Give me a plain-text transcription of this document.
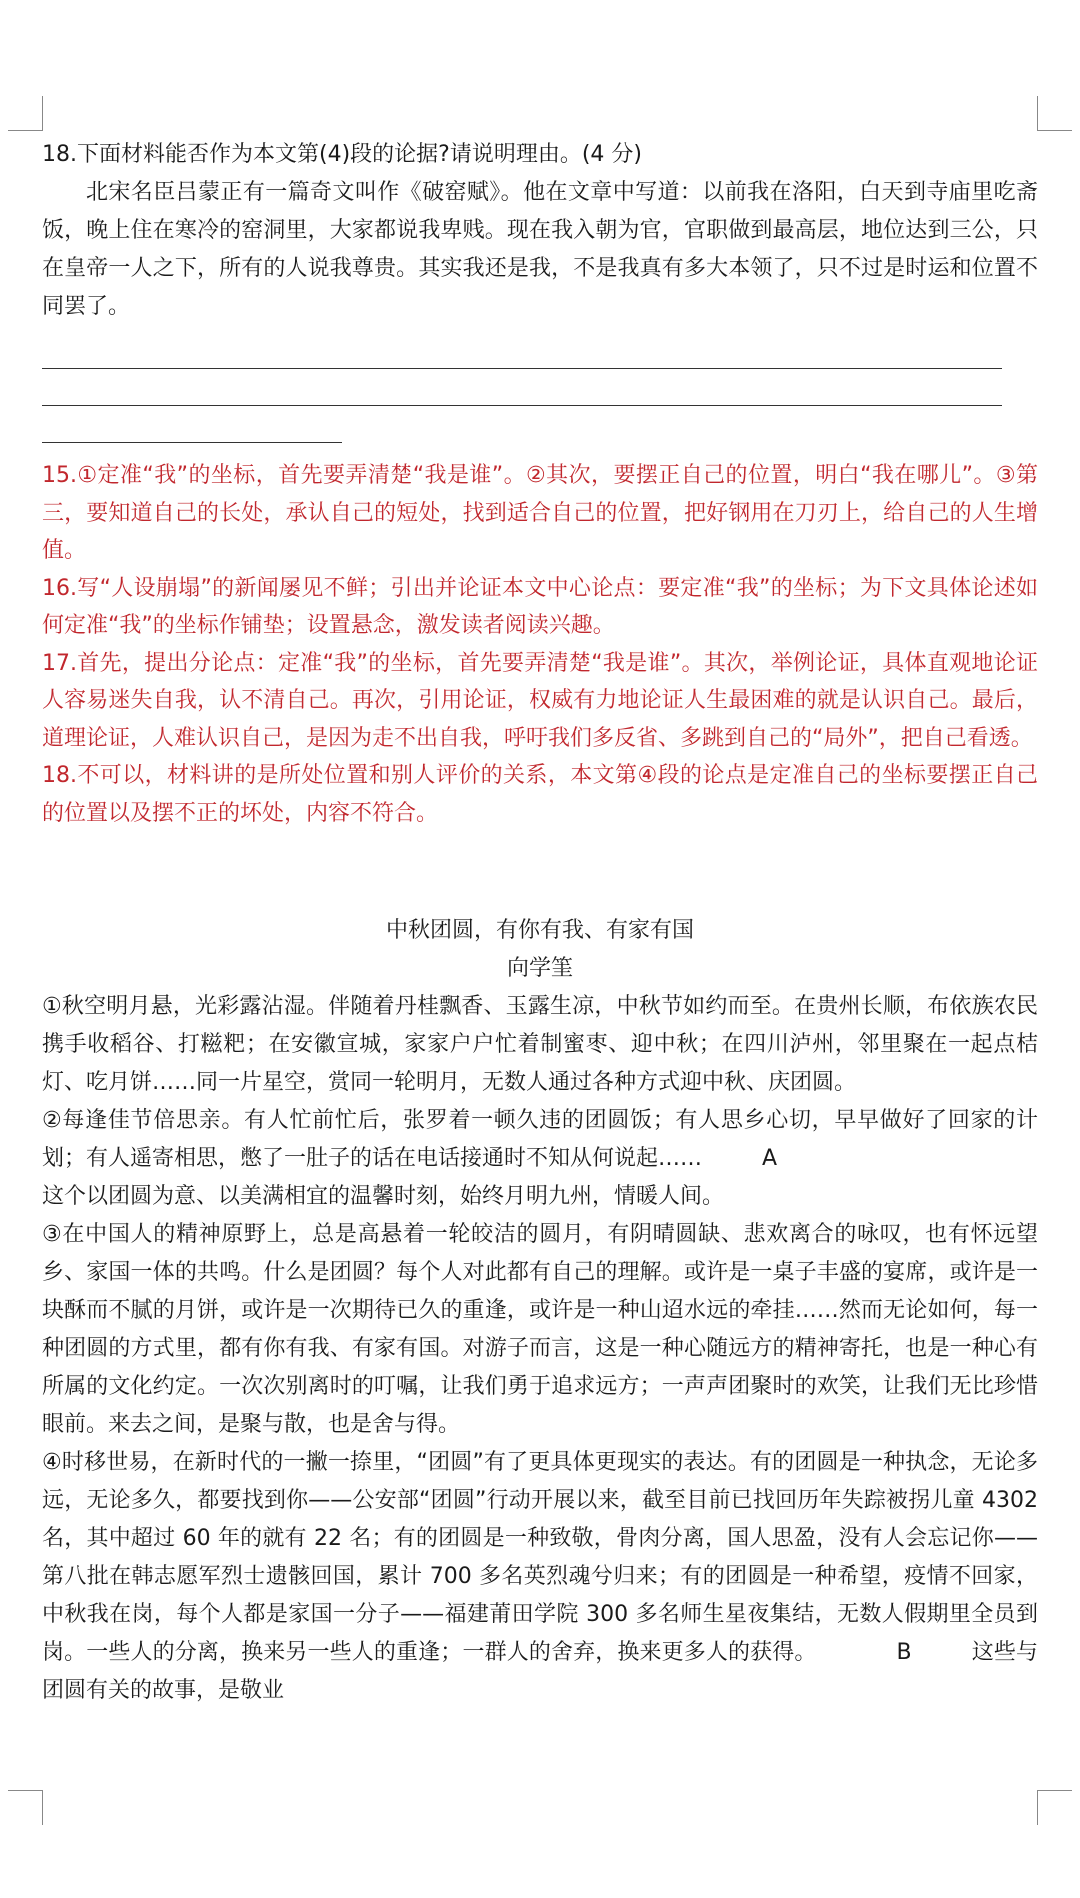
18.下面材料能否作为本文第(4)段的论据?请说明理由。(4 分)

北宋名臣吕蒙正有一篇奇文叫作《破窑赋》。他在文章中写道：以前我在洛阳，白天到寺庙里吃斋饭，晚上住在寒冷的窑洞里，大家都说我卑贱。现在我入朝为官，官职做到最高层，地位达到三公，只在皇帝一人之下，所有的人说我尊贵。其实我还是我，不是我真有多大本领了，只不过是时运和位置不同罢了。

15.①定准“我”的坐标，首先要弄清楚“我是谁”。②其次，要摆正自己的位置，明白“我在哪儿”。③第三，要知道自己的长处，承认自己的短处，找到适合自己的位置，把好钢用在刀刃上，给自己的人生增值。

16.写“人设崩塌”的新闻屡见不鲜；引出并论证本文中心论点：要定准“我”的坐标；为下文具体论述如何定准“我”的坐标作铺垫；设置悬念，激发读者阅读兴趣。

17.首先，提出分论点：定准“我”的坐标，首先要弄清楚“我是谁”。其次，举例论证，具体直观地论证人容易迷失自我，认不清自己。再次，引用论证，权威有力地论证人生最困难的就是认识自己。最后，道理论证，人难认识自己，是因为走不出自我，呼吁我们多反省、多跳到自己的“局外”，把自己看透。

18.不可以，材料讲的是所处位置和别人评价的关系，本文第④段的论点是定准自己的坐标要摆正自己的位置以及摆不正的坏处，内容不符合。

中秋团圆，有你有我、有家有国

向学筀

①秋空明月悬，光彩露沾湿。伴随着丹桂飘香、玉露生凉，中秋节如约而至。在贵州长顺，布依族农民携手收稻谷、打糍粑；在安徽宣城，家家户户忙着制蜜枣、迎中秋；在四川泸州，邻里聚在一起点桔灯、吃月饼……同一片星空，赏同一轮明月，无数人通过各种方式迎中秋、庆团圆。

②每逢佳节倍思亲。有人忙前忙后，张罗着一顿久违的团圆饭；有人思乡心切，早早做好了回家的计划；有人遥寄相思，憋了一肚子的话在电话接通时不知从何说起……	A
这个以团圆为意、以美满相宜的温馨时刻，始终月明九州，情暖人间。

③在中国人的精神原野上，总是高悬着一轮皎洁的圆月，有阴晴圆缺、悲欢离合的咏叹，也有怀远望乡、家国一体的共鸣。什么是团圆？每个人对此都有自己的理解。或许是一桌子丰盛的宴席，或许是一块酥而不腻的月饼，或许是一次期待已久的重逢，或许是一种山迢水远的牵挂……然而无论如何，每一种团圆的方式里，都有你有我、有家有国。对游子而言，这是一种心随远方的精神寄托，也是一种心有所属的文化约定。一次次别离时的叮嘱，让我们勇于追求远方；一声声团聚时的欢笑，让我们无比珍惜眼前。来去之间，是聚与散，也是舍与得。

④时移世易，在新时代的一撇一捺里，“团圆”有了更具体更现实的表达。有的团圆是一种执念，无论多远，无论多久，都要找到你——公安部“团圆”行动开展以来，截至目前已找回历年失踪被拐儿童 4302 名，其中超过 60 年的就有 22 名；有的团圆是一种致敬，骨肉分离，国人思盈，没有人会忘记你——第八批在韩志愿军烈士遗骸回国，累计 700 多名英烈魂兮归来；有的团圆是一种希望，疫情不回家，中秋我在岗，每个人都是家国一分子——福建莆田学院 300 多名师生星夜集结，无数人假期里全员到岗。一些人的分离，换来另一些人的重逢；一群人的舍弃，换来更多人的获得。	B	这些与团圆有关的故事，是敬业
